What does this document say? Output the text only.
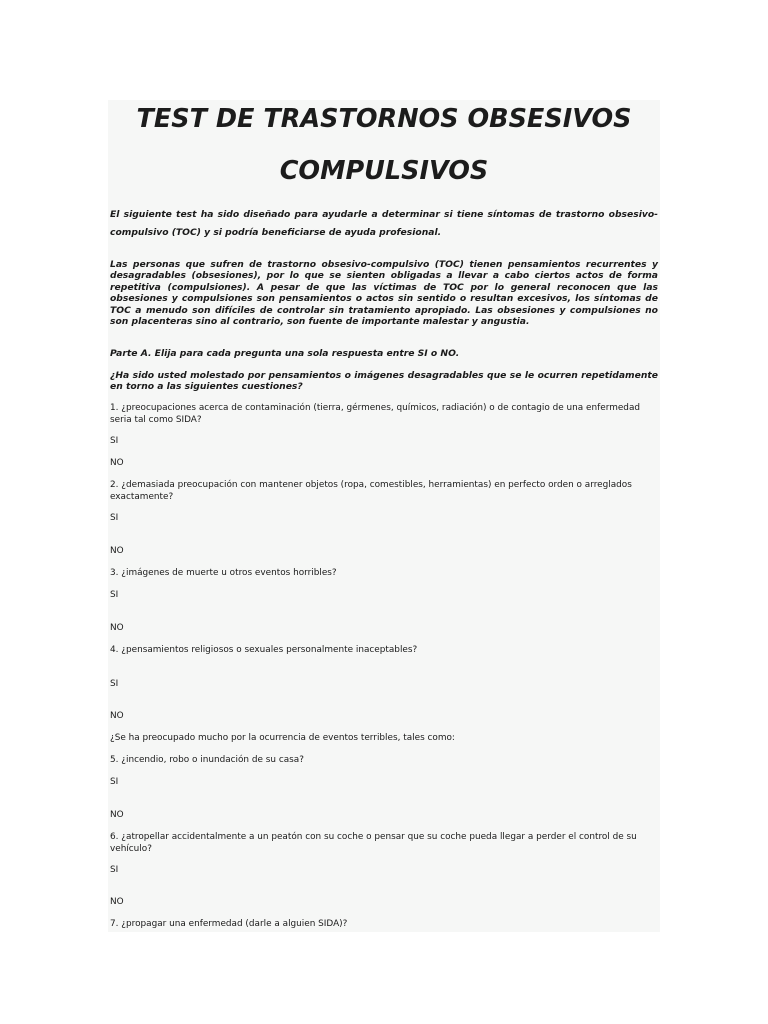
TEST DE TRASTORNOS OBSESIVOS
COMPULSIVOS

El siguiente test ha sido diseñado para ayudarle a determinar si tiene síntomas de trastorno obsesivo-compulsivo (TOC) y si podría beneficiarse de ayuda profesional.

Las personas que sufren de trastorno obsesivo-compulsivo (TOC) tienen pensamientos recurrentes y desagradables (obsesiones), por lo que se sienten obligadas a llevar a cabo ciertos actos de forma repetitiva (compulsiones). A pesar de que las víctimas de TOC por lo general reconocen que las obsesiones y compulsiones son pensamientos o actos sin sentido o resultan excesivos, los síntomas de TOC a menudo son difíciles de controlar sin tratamiento apropiado. Las obsesiones y compulsiones no son placenteras sino al contrario, son fuente de importante malestar y angustia.

Parte A. Elija para cada pregunta una sola respuesta entre SI o NO.

¿Ha sido usted molestado por pensamientos o imágenes desagradables que se le ocurren repetidamente en torno a las siguientes cuestiones?

1. ¿preocupaciones acerca de contaminación (tierra, gérmenes, químicos, radiación) o de contagio de una enfermedad seria tal como SIDA?

SI

NO

2. ¿demasiada preocupación con mantener objetos (ropa, comestibles, herramientas) en perfecto orden o arreglados exactamente?

SI

NO

3. ¿imágenes de muerte u otros eventos horribles?

SI

NO

4. ¿pensamientos religiosos o sexuales personalmente inaceptables?

SI

NO

¿Se ha preocupado mucho por la ocurrencia de eventos terribles, tales como:

5. ¿incendio, robo o inundación de su casa?

SI

NO

6. ¿atropellar accidentalmente a un peatón con su coche o pensar que su coche pueda llegar a perder el control de su vehículo?

SI

NO

7. ¿propagar una enfermedad (darle a alguien SIDA)?
